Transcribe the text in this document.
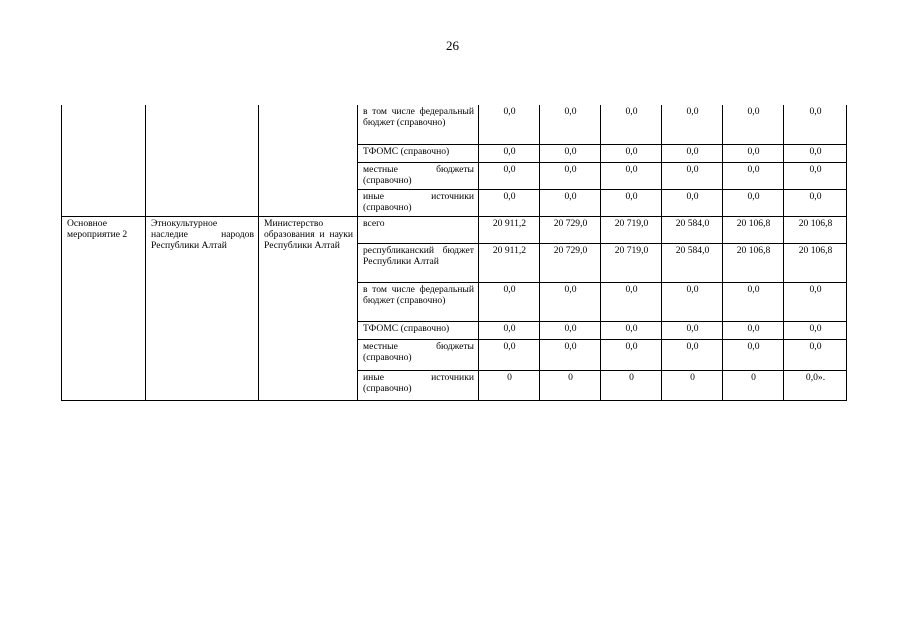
26
			в том числе федеральный бюджет (справочно)	0,0	0,0	0,0	0,0	0,0	0,0
			ТФОМС (справочно)	0,0	0,0	0,0	0,0	0,0	0,0
			местные бюджеты (справочно)	0,0	0,0	0,0	0,0	0,0	0,0
			иные источники (справочно)	0,0	0,0	0,0	0,0	0,0	0,0
Основное мероприятие 2	Этнокультурное наследие народов Республики Алтай	Министерство образования и науки Республики Алтай	всего	20 911,2	20 729,0	20 719,0	20 584,0	20 106,8	20 106,8
			республиканский бюджет Республики Алтай	20 911,2	20 729,0	20 719,0	20 584,0	20 106,8	20 106,8
			в том числе федеральный бюджет (справочно)	0,0	0,0	0,0	0,0	0,0	0,0
			ТФОМС (справочно)	0,0	0,0	0,0	0,0	0,0	0,0
			местные бюджеты (справочно)	0,0	0,0	0,0	0,0	0,0	0,0
			иные источники (справочно)	0	0	0	0	0	0,0».
